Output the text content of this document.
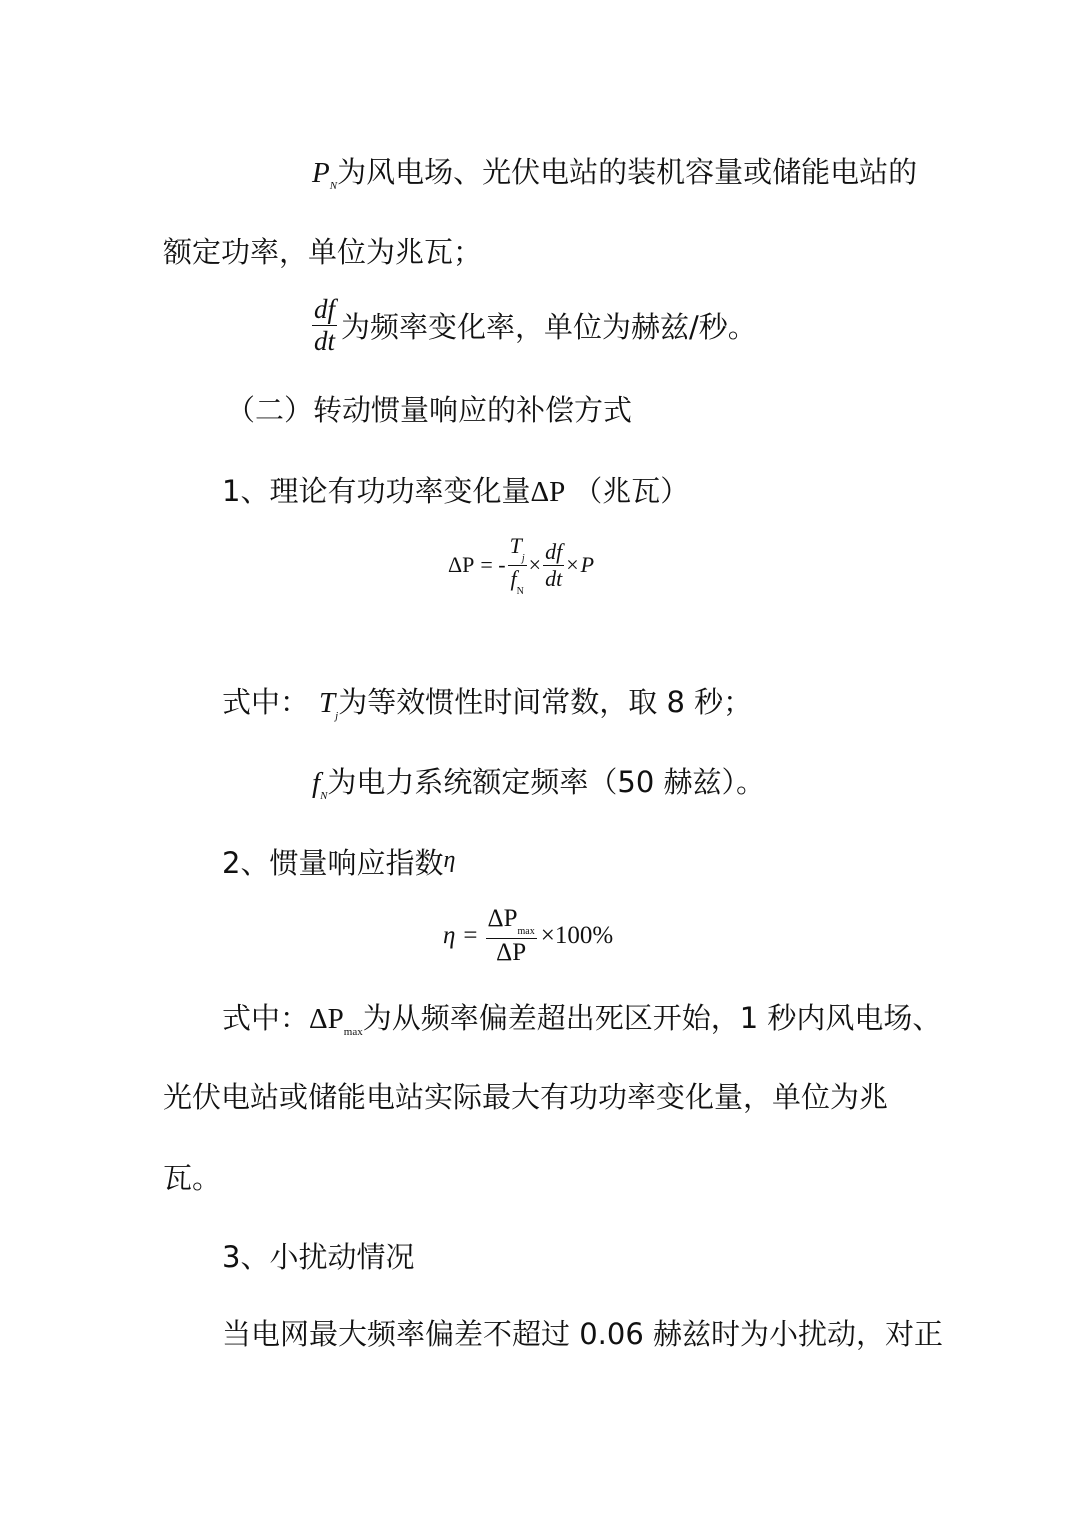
$P_N$为风电场、光伏电站的装机容量或储能电站的
额定功率，单位为兆瓦；
$\frac{df}{dt}$ 为频率变化率，单位为赫兹/秒。
（二）转动惯量响应的补偿方式
1、理论有功功率变化量ΔP （兆瓦）
ΔP = - $\frac{T_j}{f_N} \times \frac{df}{dt} \times P$
式中： $T_j$为等效惯性时间常数，取 8 秒；
$f_N$为电力系统额定频率（50 赫兹）。
2、惯量响应指数$^\eta$
$\eta = \frac{\Delta P_{max}}{\Delta P} \times 100\%$
式中：$\Delta P_{max}$为从频率偏差超出死区开始，1 秒内风电场、
光伏电站或储能电站实际最大有功功率变化量，单位为兆
瓦。
3、小扰动情况
当电网最大频率偏差不超过 0.06 赫兹时为小扰动，对正
